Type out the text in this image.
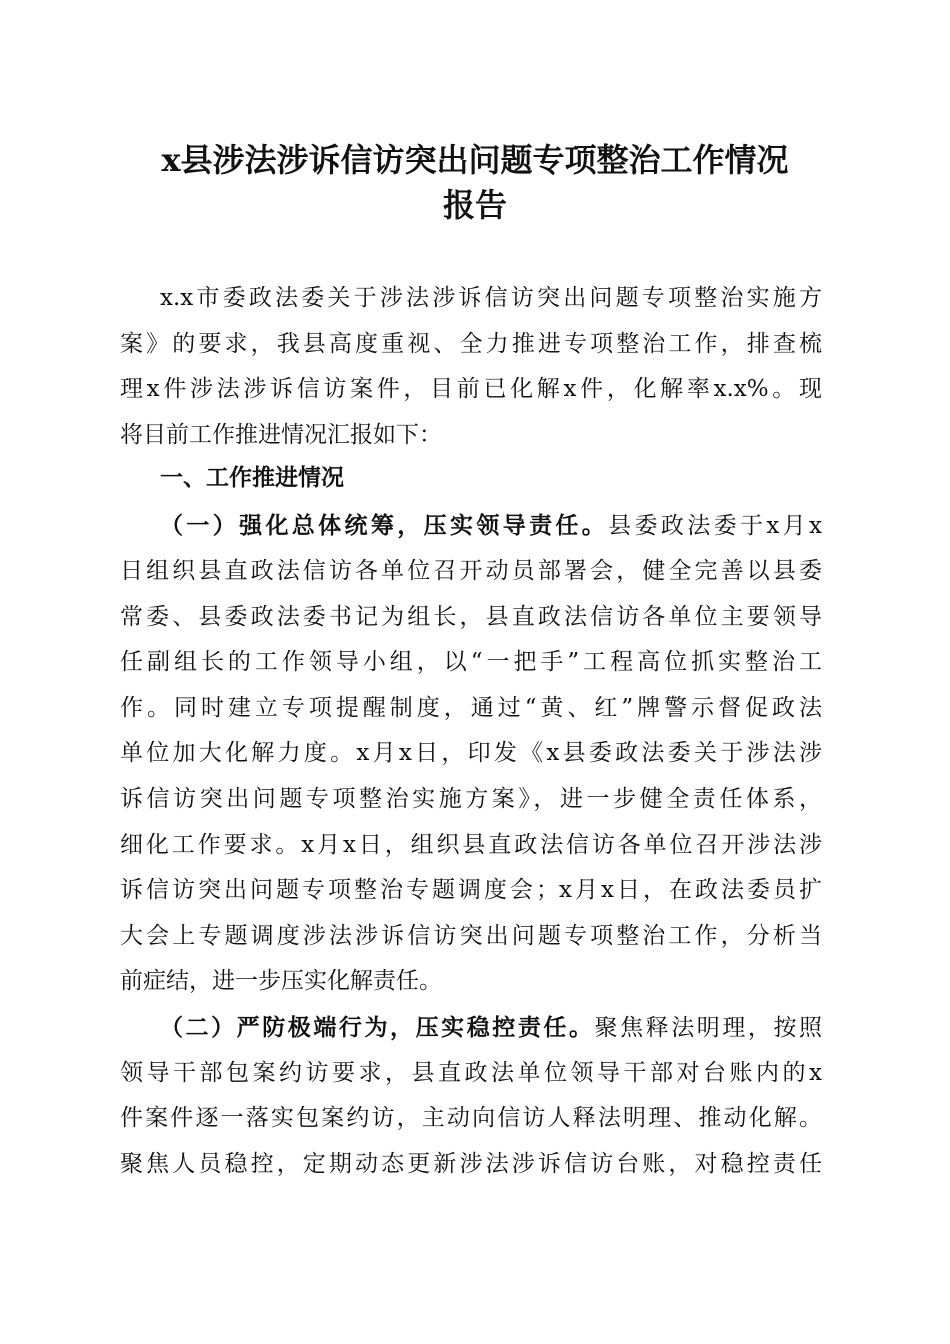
x县涉法涉诉信访突出问题专项整治工作情况
报告
x.x市委政法委关于涉法涉诉信访突出问题专项整治实施方
案》的要求，我县高度重视、全力推进专项整治工作，排查梳
理x件涉法涉诉信访案件，目前已化解x件，化解率x.x%。现
将目前工作推进情况汇报如下：
一、工作推进情况
（一）强化总体统筹，压实领导责任。县委政法委于x月x
日组织县直政法信访各单位召开动员部署会，健全完善以县委
常委、县委政法委书记为组长，县直政法信访各单位主要领导
任副组长的工作领导小组，以“一把手”工程高位抓实整治工
作。同时建立专项提醒制度，通过“黄、红”牌警示督促政法
单位加大化解力度。x月x日，印发《x县委政法委关于涉法涉
诉信访突出问题专项整治实施方案》，进一步健全责任体系，
细化工作要求。x月x日，组织县直政法信访各单位召开涉法涉
诉信访突出问题专项整治专题调度会；x月x日，在政法委员扩
大会上专题调度涉法涉诉信访突出问题专项整治工作，分析当
前症结，进一步压实化解责任。
（二）严防极端行为，压实稳控责任。聚焦释法明理，按照
领导干部包案约访要求，县直政法单位领导干部对台账内的x
件案件逐一落实包案约访，主动向信访人释法明理、推动化解。
聚焦人员稳控，定期动态更新涉法涉诉信访台账，对稳控责任
